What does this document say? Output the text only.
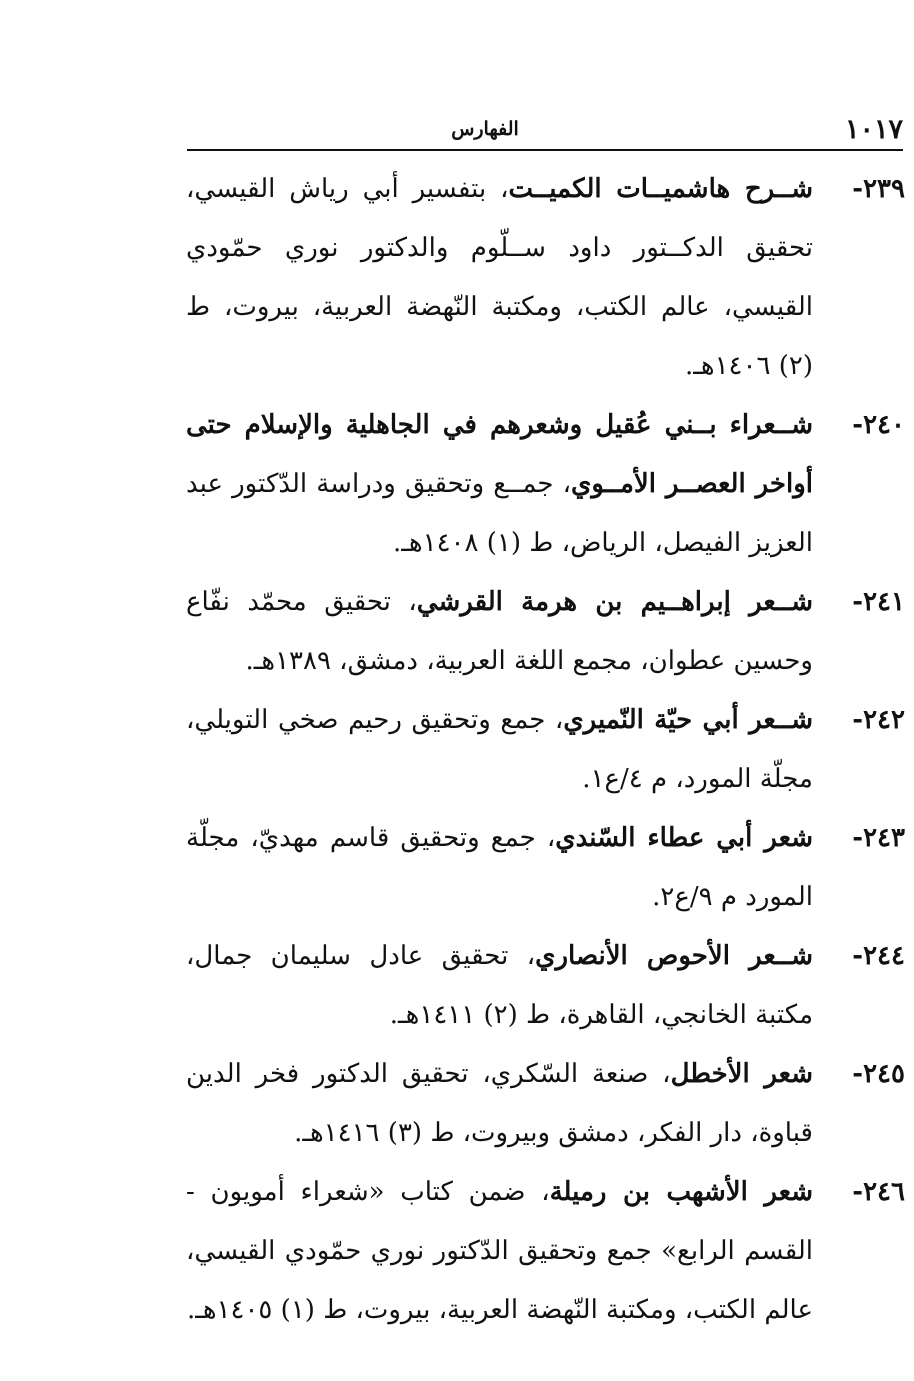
١٠١٧
الفهارس

٢٣٩-
شــرح هاشميــات الكميــت، بتفسير أبي رياش القيسي، تحقيق الدكــتور داود ســلّوم والدكتور نوري حمّودي القيسي، عالم الكتب، ومكتبة النّهضة العربية، بيروت، ط (٢) ١٤٠٦هـ.

٢٤٠-
شــعراء بــني عُقيل وشعرهم في الجاهلية والإسلام حتى أواخر العصــر الأمــوي، جمــع وتحقيق ودراسة الدّكتور عبد العزيز الفيصل، الرياض، ط (١) ١٤٠٨هـ.

٢٤١-
شــعر إبراهــيم بن هرمة القرشي، تحقيق محمّد نفّاع وحسين عطوان، مجمع اللغة العربية، دمشق، ١٣٨٩هـ.

٢٤٢-
شــعر أبي حيّة النّميري، جمع وتحقيق رحيم صخي التويلي، مجلّة المورد، م ٤/ع١.

٢٤٣-
شعر أبي عطاء السّندي، جمع وتحقيق قاسم مهديّ، مجلّة المورد م ٩/ع٢.

٢٤٤-
شــعر الأحوص الأنصاري، تحقيق عادل سليمان جمال، مكتبة الخانجي، القاهرة، ط (٢) ١٤١١هـ.

٢٤٥-
شعر الأخطل، صنعة السّكري، تحقيق الدكتور فخر الدين قباوة، دار الفكر، دمشق وبيروت، ط (٣) ١٤١٦هـ.

٢٤٦-
شعر الأشهب بن رميلة، ضمن كتاب «شعراء أمويون - القسم الرابع» جمع وتحقيق الدّكتور نوري حمّودي القيسي، عالم الكتب، ومكتبة النّهضة العربية، بيروت، ط (١) ١٤٠٥هـ.
